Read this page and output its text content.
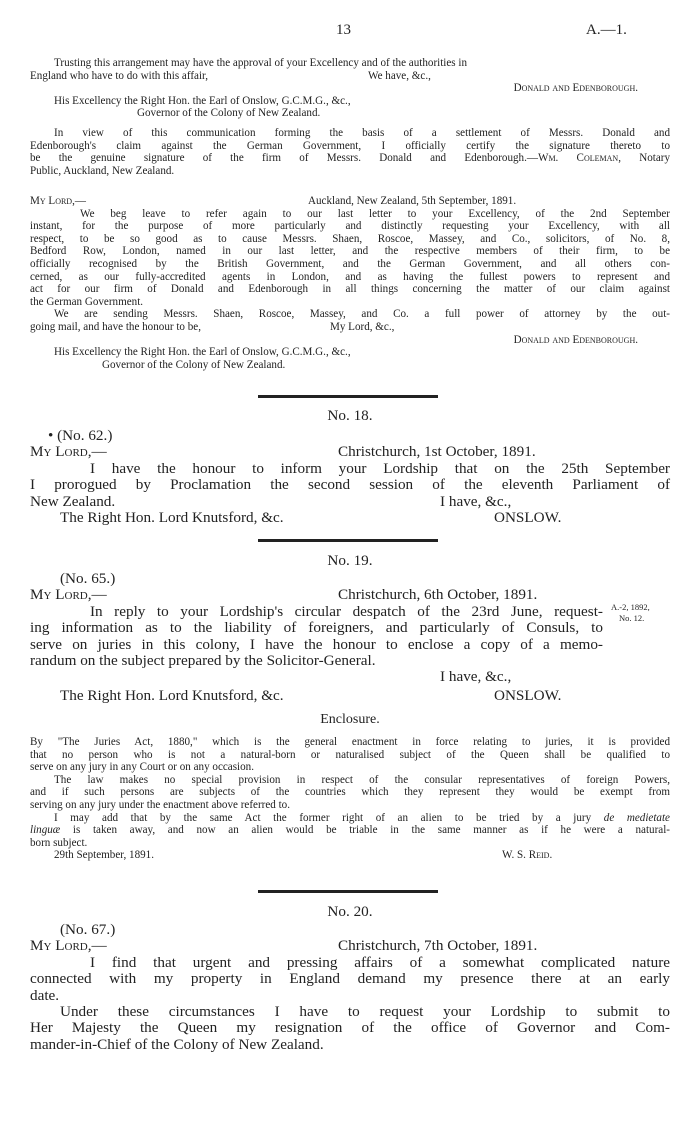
13	A.—1.
Trusting this arrangement may have the approval of your Excellency and of the authorities in
England who have to do with this affair,	We have, &c.,
Donald and Edenborough.
His Excellency the Right Hon. the Earl of Onslow, G.C.M.G., &c.,
Governor of the Colony of New Zealand.
In view of this communication forming the basis of a settlement of Messrs. Donald and
Edenborough's claim against the German Government, I officially certify the signature thereto to
be the genuine signature of the firm of Messrs. Donald and Edenborough.—Wm. Coleman, Notary
Public, Auckland, New Zealand.
My Lord,—	Auckland, New Zealand, 5th September, 1891.
We beg leave to refer again to our last letter to your Excellency, of the 2nd September
instant, for the purpose of more particularly and distinctly requesting your Excellency, with all
respect, to be so good as to cause Messrs. Shaen, Roscoe, Massey, and Co., solicitors, of No. 8,
Bedford Row, London, named in our last letter, and the respective members of their firm, to be
officially recognised by the British Government, and the German Government, and all others con-
cerned, as our fully-accredited agents in London, and as having the fullest powers to represent and
act for our firm of Donald and Edenborough in all things concerning the matter of our claim against
the German Government.
We are sending Messrs. Shaen, Roscoe, Massey, and Co. a full power of attorney by the out-
going mail, and have the honour to be,	My Lord, &c.,
Donald and Edenborough.
His Excellency the Right Hon. the Earl of Onslow, G.C.M.G., &c.,
Governor of the Colony of New Zealand.
No. 18.
• (No. 62.)
My Lord,—	Christchurch, 1st October, 1891.
I have the honour to inform your Lordship that on the 25th September
I prorogued by Proclamation the second session of the eleventh Parliament of
New Zealand.	I have, &c.,
The Right Hon. Lord Knutsford, &c.	ONSLOW.
No. 19.
(No. 65.)
My Lord,—	Christchurch, 6th October, 1891.
In reply to your Lordship's circular despatch of the 23rd June, request-
ing information as to the liability of foreigners, and particularly of Consuls, to
serve on juries in this colony, I have the honour to enclose a copy of a memo-
randum on the subject prepared by the Solicitor-General.
I have, &c.,
The Right Hon. Lord Knutsford, &c.	ONSLOW.
A.-2, 1892,
No. 12.
Enclosure.
By "The Juries Act, 1880," which is the general enactment in force relating to juries, it is provided
that no person who is not a natural-born or naturalised subject of the Queen shall be qualified to
serve on any jury in any Court or on any occasion.
The law makes no special provision in respect of the consular representatives of foreign Powers,
and if such persons are subjects of the countries which they represent they would be exempt from
serving on any jury under the enactment above referred to.
I may add that by the same Act the former right of an alien to be tried by a jury de medietate
linguæ is taken away, and now an alien would be triable in the same manner as if he were a natural-
born subject.
29th September, 1891.	W. S. Reid.
No. 20.
(No. 67.)
My Lord,—	Christchurch, 7th October, 1891.
I find that urgent and pressing affairs of a somewhat complicated nature
connected with my property in England demand my presence there at an early
date.
Under these circumstances I have to request your Lordship to submit to
Her Majesty the Queen my resignation of the office of Governor and Com-
mander-in-Chief of the Colony of New Zealand.
